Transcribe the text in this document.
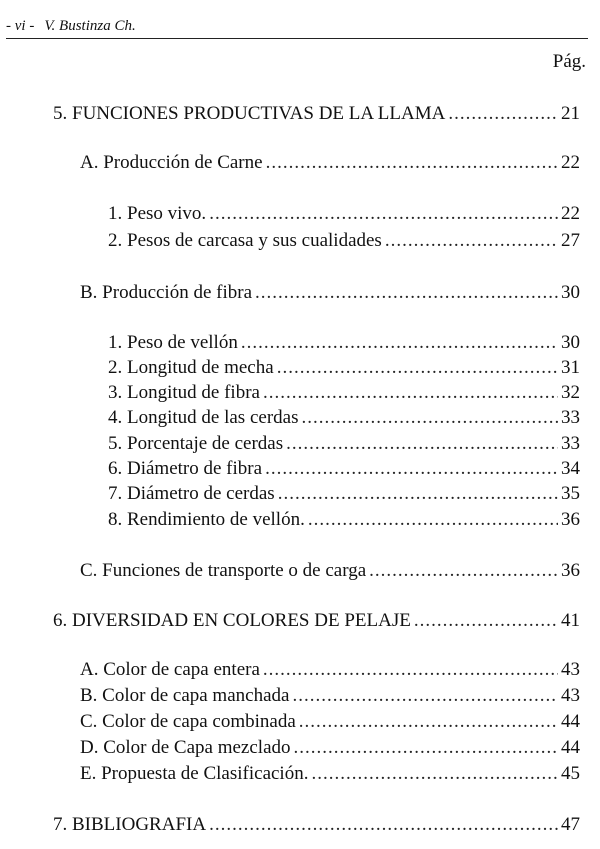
- vi - V. Bustinza Ch.
Pág.
5. FUNCIONES PRODUCTIVAS DE LA LLAMA .....	21
A. Producción de Carne .....	22
1. Peso vivo. .....	22
2. Pesos de carcasa y sus cualidades .....	27
B. Producción de fibra .....	30
1. Peso de vellón .....	30
2. Longitud de mecha .....	31
3. Longitud de fibra .....	32
4. Longitud de las cerdas .....	33
5. Porcentaje de cerdas .....	33
6. Diámetro de fibra .....	34
7. Diámetro de cerdas .....	35
8. Rendimiento de vellón. .....	36
C. Funciones de transporte o de carga .....	36
6. DIVERSIDAD EN COLORES DE PELAJE .....	41
A. Color de capa entera .....	43
B. Color de capa manchada .....	43
C. Color de capa combinada .....	44
D. Color de Capa mezclado .....	44
E. Propuesta de Clasificación. .....	45
7. BIBLIOGRAFIA .....	47
